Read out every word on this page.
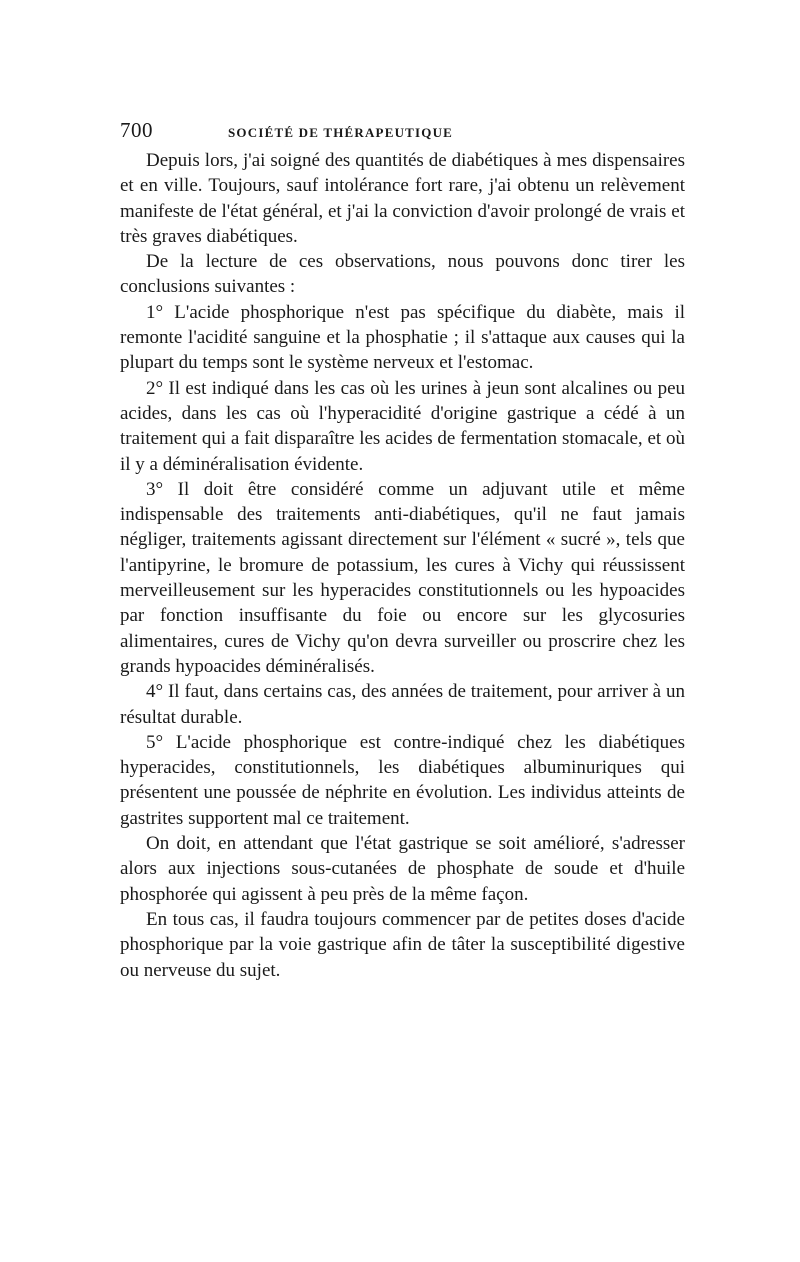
700	SOCIÉTÉ DE THÉRAPEUTIQUE

Depuis lors, j'ai soigné des quantités de diabétiques à mes dispensaires et en ville. Toujours, sauf intolérance fort rare, j'ai obtenu un relèvement manifeste de l'état général, et j'ai la conviction d'avoir prolongé de vrais et très graves diabétiques.

De la lecture de ces observations, nous pouvons donc tirer les conclusions suivantes :

1° L'acide phosphorique n'est pas spécifique du diabète, mais il remonte l'acidité sanguine et la phosphatie ; il s'attaque aux causes qui la plupart du temps sont le système nerveux et l'estomac.

2° Il est indiqué dans les cas où les urines à jeun sont alcalines ou peu acides, dans les cas où l'hyperacidité d'origine gastrique a cédé à un traitement qui a fait disparaître les acides de fermentation stomacale, et où il y a déminéralisation évidente.

3° Il doit être considéré comme un adjuvant utile et même indispensable des traitements anti-diabétiques, qu'il ne faut jamais négliger, traitements agissant directement sur l'élément « sucré », tels que l'antipyrine, le bromure de potassium, les cures à Vichy qui réussissent merveilleusement sur les hyperacides constitutionnels ou les hypoacides par fonction insuffisante du foie ou encore sur les glycosuries alimentaires, cures de Vichy qu'on devra surveiller ou proscrire chez les grands hypoacides déminéralisés.

4° Il faut, dans certains cas, des années de traitement, pour arriver à un résultat durable.

5° L'acide phosphorique est contre-indiqué chez les diabétiques hyperacides, constitutionnels, les diabétiques albuminuriques qui présentent une poussée de néphrite en évolution. Les individus atteints de gastrites supportent mal ce traitement.

On doit, en attendant que l'état gastrique se soit amélioré, s'adresser alors aux injections sous-cutanées de phosphate de soude et d'huile phosphorée qui agissent à peu près de la même façon.

En tous cas, il faudra toujours commencer par de petites doses d'acide phosphorique par la voie gastrique afin de tâter la susceptibilité digestive ou nerveuse du sujet.
